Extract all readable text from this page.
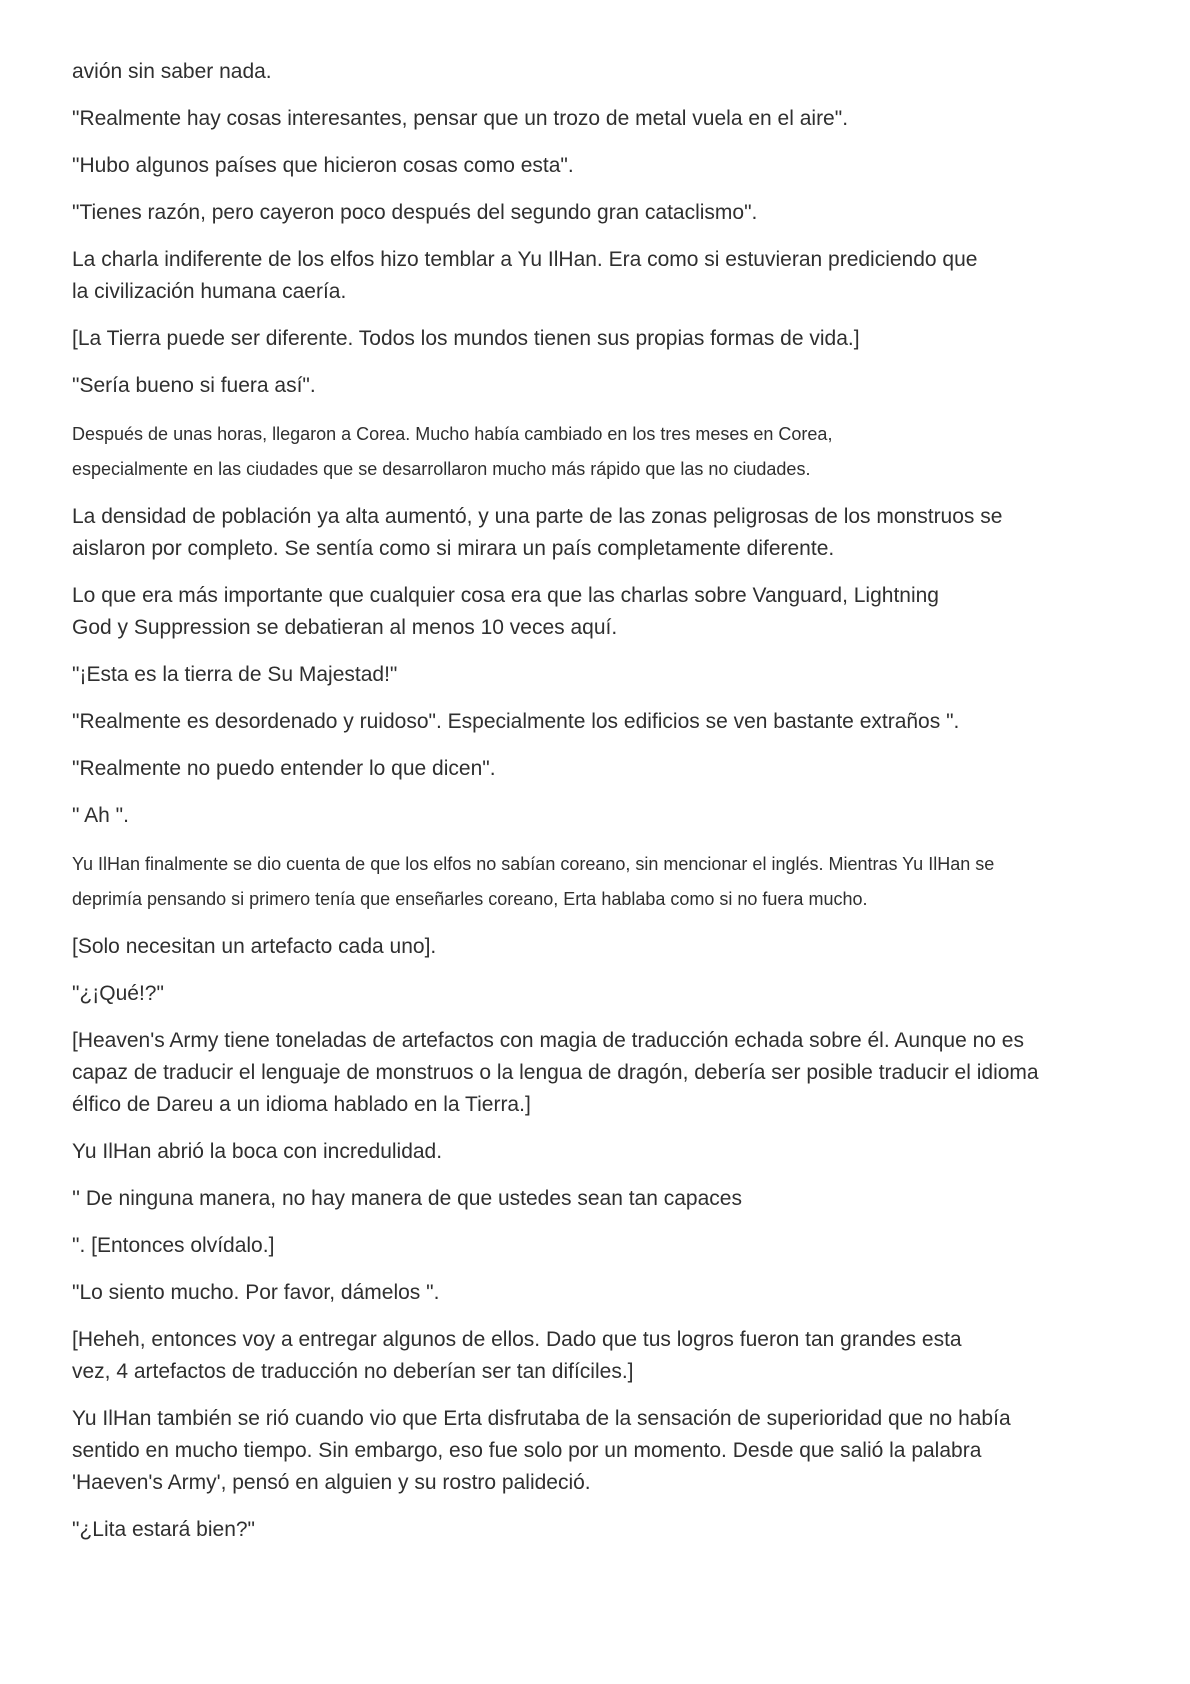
avión sin saber nada.

"Realmente hay cosas interesantes, pensar que un trozo de metal vuela en el aire".

"Hubo algunos países que hicieron cosas como esta".

"Tienes razón, pero cayeron poco después del segundo gran cataclismo".

La charla indiferente de los elfos hizo temblar a Yu IlHan. Era como si estuvieran prediciendo que
la civilización humana caería.

[La Tierra puede ser diferente. Todos los mundos tienen sus propias formas de vida.]

"Sería bueno si fuera así".

Después de unas horas, llegaron a Corea. Mucho había cambiado en los tres meses en Corea,
especialmente en las ciudades que se desarrollaron mucho más rápido que las no ciudades.

La densidad de población ya alta aumentó, y una parte de las zonas peligrosas de los monstruos se
aislaron por completo. Se sentía como si mirara un país completamente diferente.

Lo que era más importante que cualquier cosa era que las charlas sobre Vanguard, Lightning
God y Suppression se debatieran al menos 10 veces aquí.

"¡Esta es la tierra de Su Majestad!"

"Realmente es desordenado y ruidoso". Especialmente los edificios se ven bastante extraños ".

"Realmente no puedo entender lo que dicen".

" Ah ".

Yu IlHan finalmente se dio cuenta de que los elfos no sabían coreano, sin mencionar el inglés. Mientras Yu IlHan se
deprimía pensando si primero tenía que enseñarles coreano, Erta hablaba como si no fuera mucho.

[Solo necesitan un artefacto cada uno].

"¿¡Qué!?"

[Heaven's Army tiene toneladas de artefactos con magia de traducción echada sobre él. Aunque no es
capaz de traducir el lenguaje de monstruos o la lengua de dragón, debería ser posible traducir el idioma
élfico de Dareu a un idioma hablado en la Tierra.]

Yu IlHan abrió la boca con incredulidad.

'' De ninguna manera, no hay manera de que ustedes sean tan capaces

". [Entonces olvídalo.]

"Lo siento mucho. Por favor, dámelos ".

[Heheh, entonces voy a entregar algunos de ellos. Dado que tus logros fueron tan grandes esta
vez, 4 artefactos de traducción no deberían ser tan difíciles.]

Yu IlHan también se rió cuando vio que Erta disfrutaba de la sensación de superioridad que no había
sentido en mucho tiempo. Sin embargo, eso fue solo por un momento. Desde que salió la palabra
'Haeven's Army', pensó en alguien y su rostro palideció.

"¿Lita estará bien?"
